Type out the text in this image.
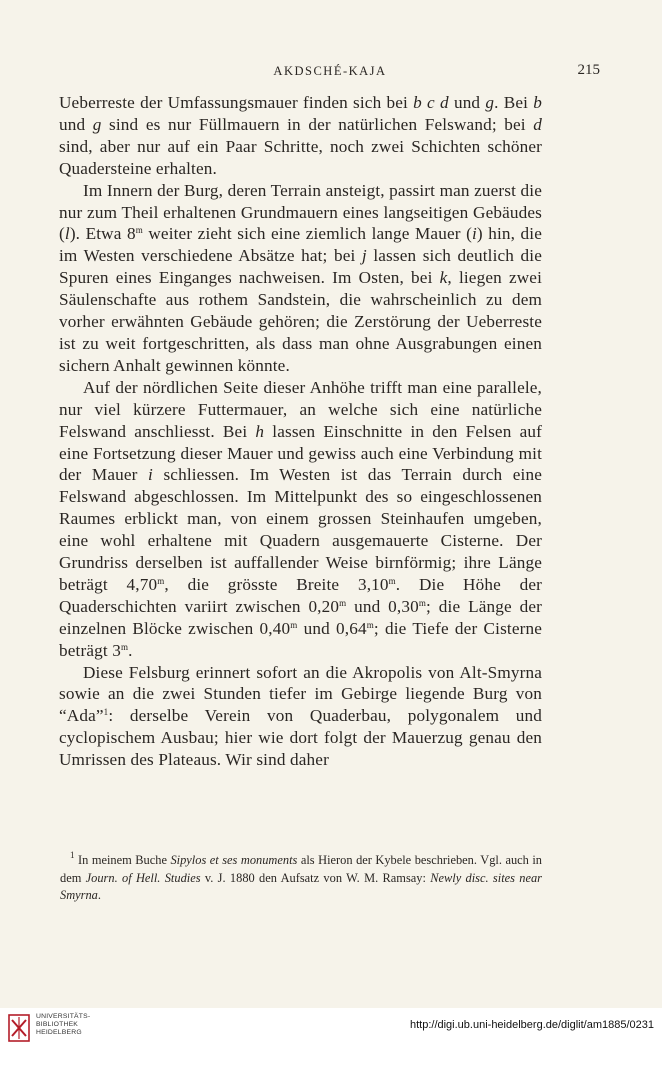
AKDSCHÉ-KAJA	215

Ueberreste der Umfassungsmauer finden sich bei b c d und g. Bei b und g sind es nur Füllmauern in der natürlichen Felswand; bei d sind, aber nur auf ein Paar Schritte, noch zwei Schichten schöner Quadersteine erhalten.

Im Innern der Burg, deren Terrain ansteigt, passirt man zuerst die nur zum Theil erhaltenen Grundmauern eines langseitigen Gebäudes (l). Etwa 8$^m$ weiter zieht sich eine ziemlich lange Mauer (i) hin, die im Westen verschiedene Absätze hat; bei j lassen sich deutlich die Spuren eines Einganges nachweisen. Im Osten, bei k, liegen zwei Säulenschafte aus rothem Sandstein, die wahrscheinlich zu dem vorher erwähnten Gebäude gehören; die Zerstörung der Ueberreste ist zu weit fortgeschritten, als dass man ohne Ausgrabungen einen sichern Anhalt gewinnen könnte.

Auf der nördlichen Seite dieser Anhöhe trifft man eine parallele, nur viel kürzere Futtermauer, an welche sich eine natürliche Felswand anschliesst. Bei h lassen Einschnitte in den Felsen auf eine Fortsetzung dieser Mauer und gewiss auch eine Verbindung mit der Mauer i schliessen. Im Westen ist das Terrain durch eine Felswand abgeschlossen. Im Mittelpunkt des so eingeschlossenen Raumes erblickt man, von einem grossen Steinhaufen umgeben, eine wohl erhaltene mit Quadern ausgemauerte Cisterne. Der Grundriss derselben ist auffallender Weise birnförmig; ihre Länge beträgt 4,70$^m$, die grösste Breite 3,10$^m$. Die Höhe der Quaderschichten variirt zwischen 0,20$^m$ und 0,30$^m$; die Länge der einzelnen Blöcke zwischen 0,40$^m$ und 0,64$^m$; die Tiefe der Cisterne beträgt 3$^m$.

Diese Felsburg erinnert sofort an die Akropolis von Alt-Smyrna sowie an die zwei Stunden tiefer im Gebirge liegende Burg von “Ada”$^1$: derselbe Verein von Quaderbau, polygonalem und cyclopischem Ausbau; hier wie dort folgt der Mauerzug genau den Umrissen des Plateaus. Wir sind daher

$^1$ In meinem Buche Sipylos et ses monuments als Hieron der Kybele beschrieben. Vgl. auch in dem Journ. of Hell. Studies v. J. 1880 den Aufsatz von W. M. Ramsay: Newly disc. sites near Smyrna.

UNIVERSITÄTS-
BIBLIOTHEK
HEIDELBERG
http://digi.ub.uni-heidelberg.de/diglit/am1885/0231
